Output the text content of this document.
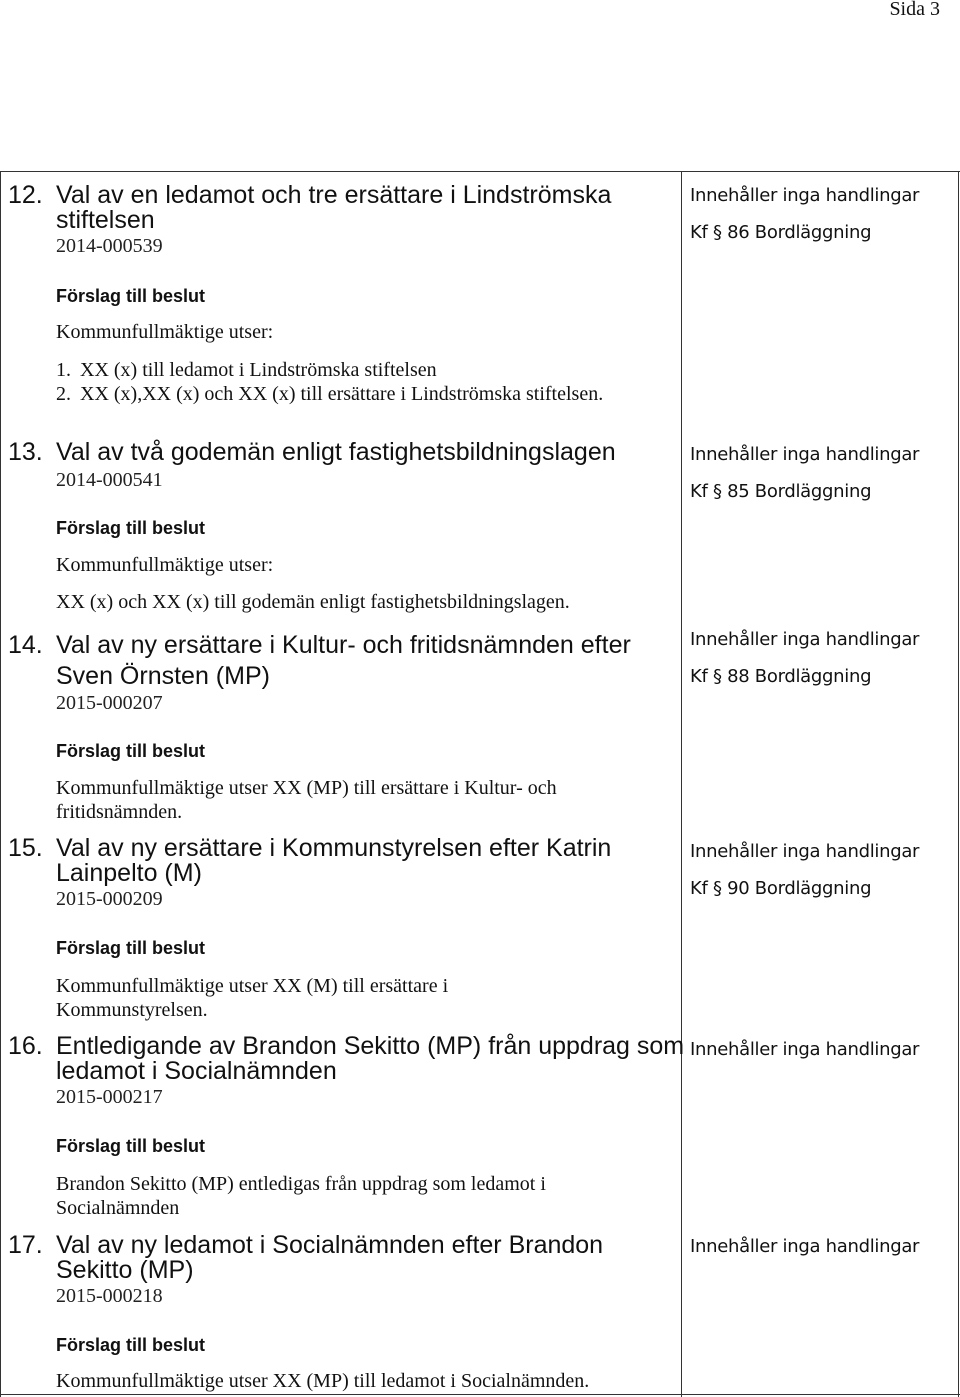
Sida 3
12. Val av en ledamot och tre ersättare i Lindströmska stiftelsen
2014-000539
Förslag till beslut
Kommunfullmäktige utser:
1. XX (x) till ledamot i Lindströmska stiftelsen
2. XX (x),XX (x) och XX (x) till ersättare i Lindströmska stiftelsen.
Innehåller inga handlingar
Kf § 86 Bordläggning
13. Val av två godemän enligt fastighetsbildningslagen
2014-000541
Förslag till beslut
Kommunfullmäktige utser:
XX (x) och XX (x) till godemän enligt fastighetsbildningslagen.
Innehåller inga handlingar
Kf § 85 Bordläggning
14. Val av ny ersättare i Kultur- och fritidsnämnden efter Sven Örnsten (MP)
2015-000207
Förslag till beslut
Kommunfullmäktige utser XX (MP) till ersättare i Kultur- och fritidsnämnden.
Innehåller inga handlingar
Kf § 88 Bordläggning
15. Val av ny ersättare i Kommunstyrelsen efter Katrin Lainpelto (M)
2015-000209
Förslag till beslut
Kommunfullmäktige utser XX (M) till ersättare i Kommunstyrelsen.
Innehåller inga handlingar
Kf § 90 Bordläggning
16. Entledigande av Brandon Sekitto (MP) från uppdrag som ledamot i Socialnämnden
2015-000217
Förslag till beslut
Brandon Sekitto (MP) entledigas från uppdrag som ledamot i Socialnämnden
Innehåller inga handlingar
17. Val av ny ledamot i Socialnämnden efter Brandon Sekitto (MP)
2015-000218
Förslag till beslut
Kommunfullmäktige utser XX (MP) till ledamot i Socialnämnden.
Innehåller inga handlingar
